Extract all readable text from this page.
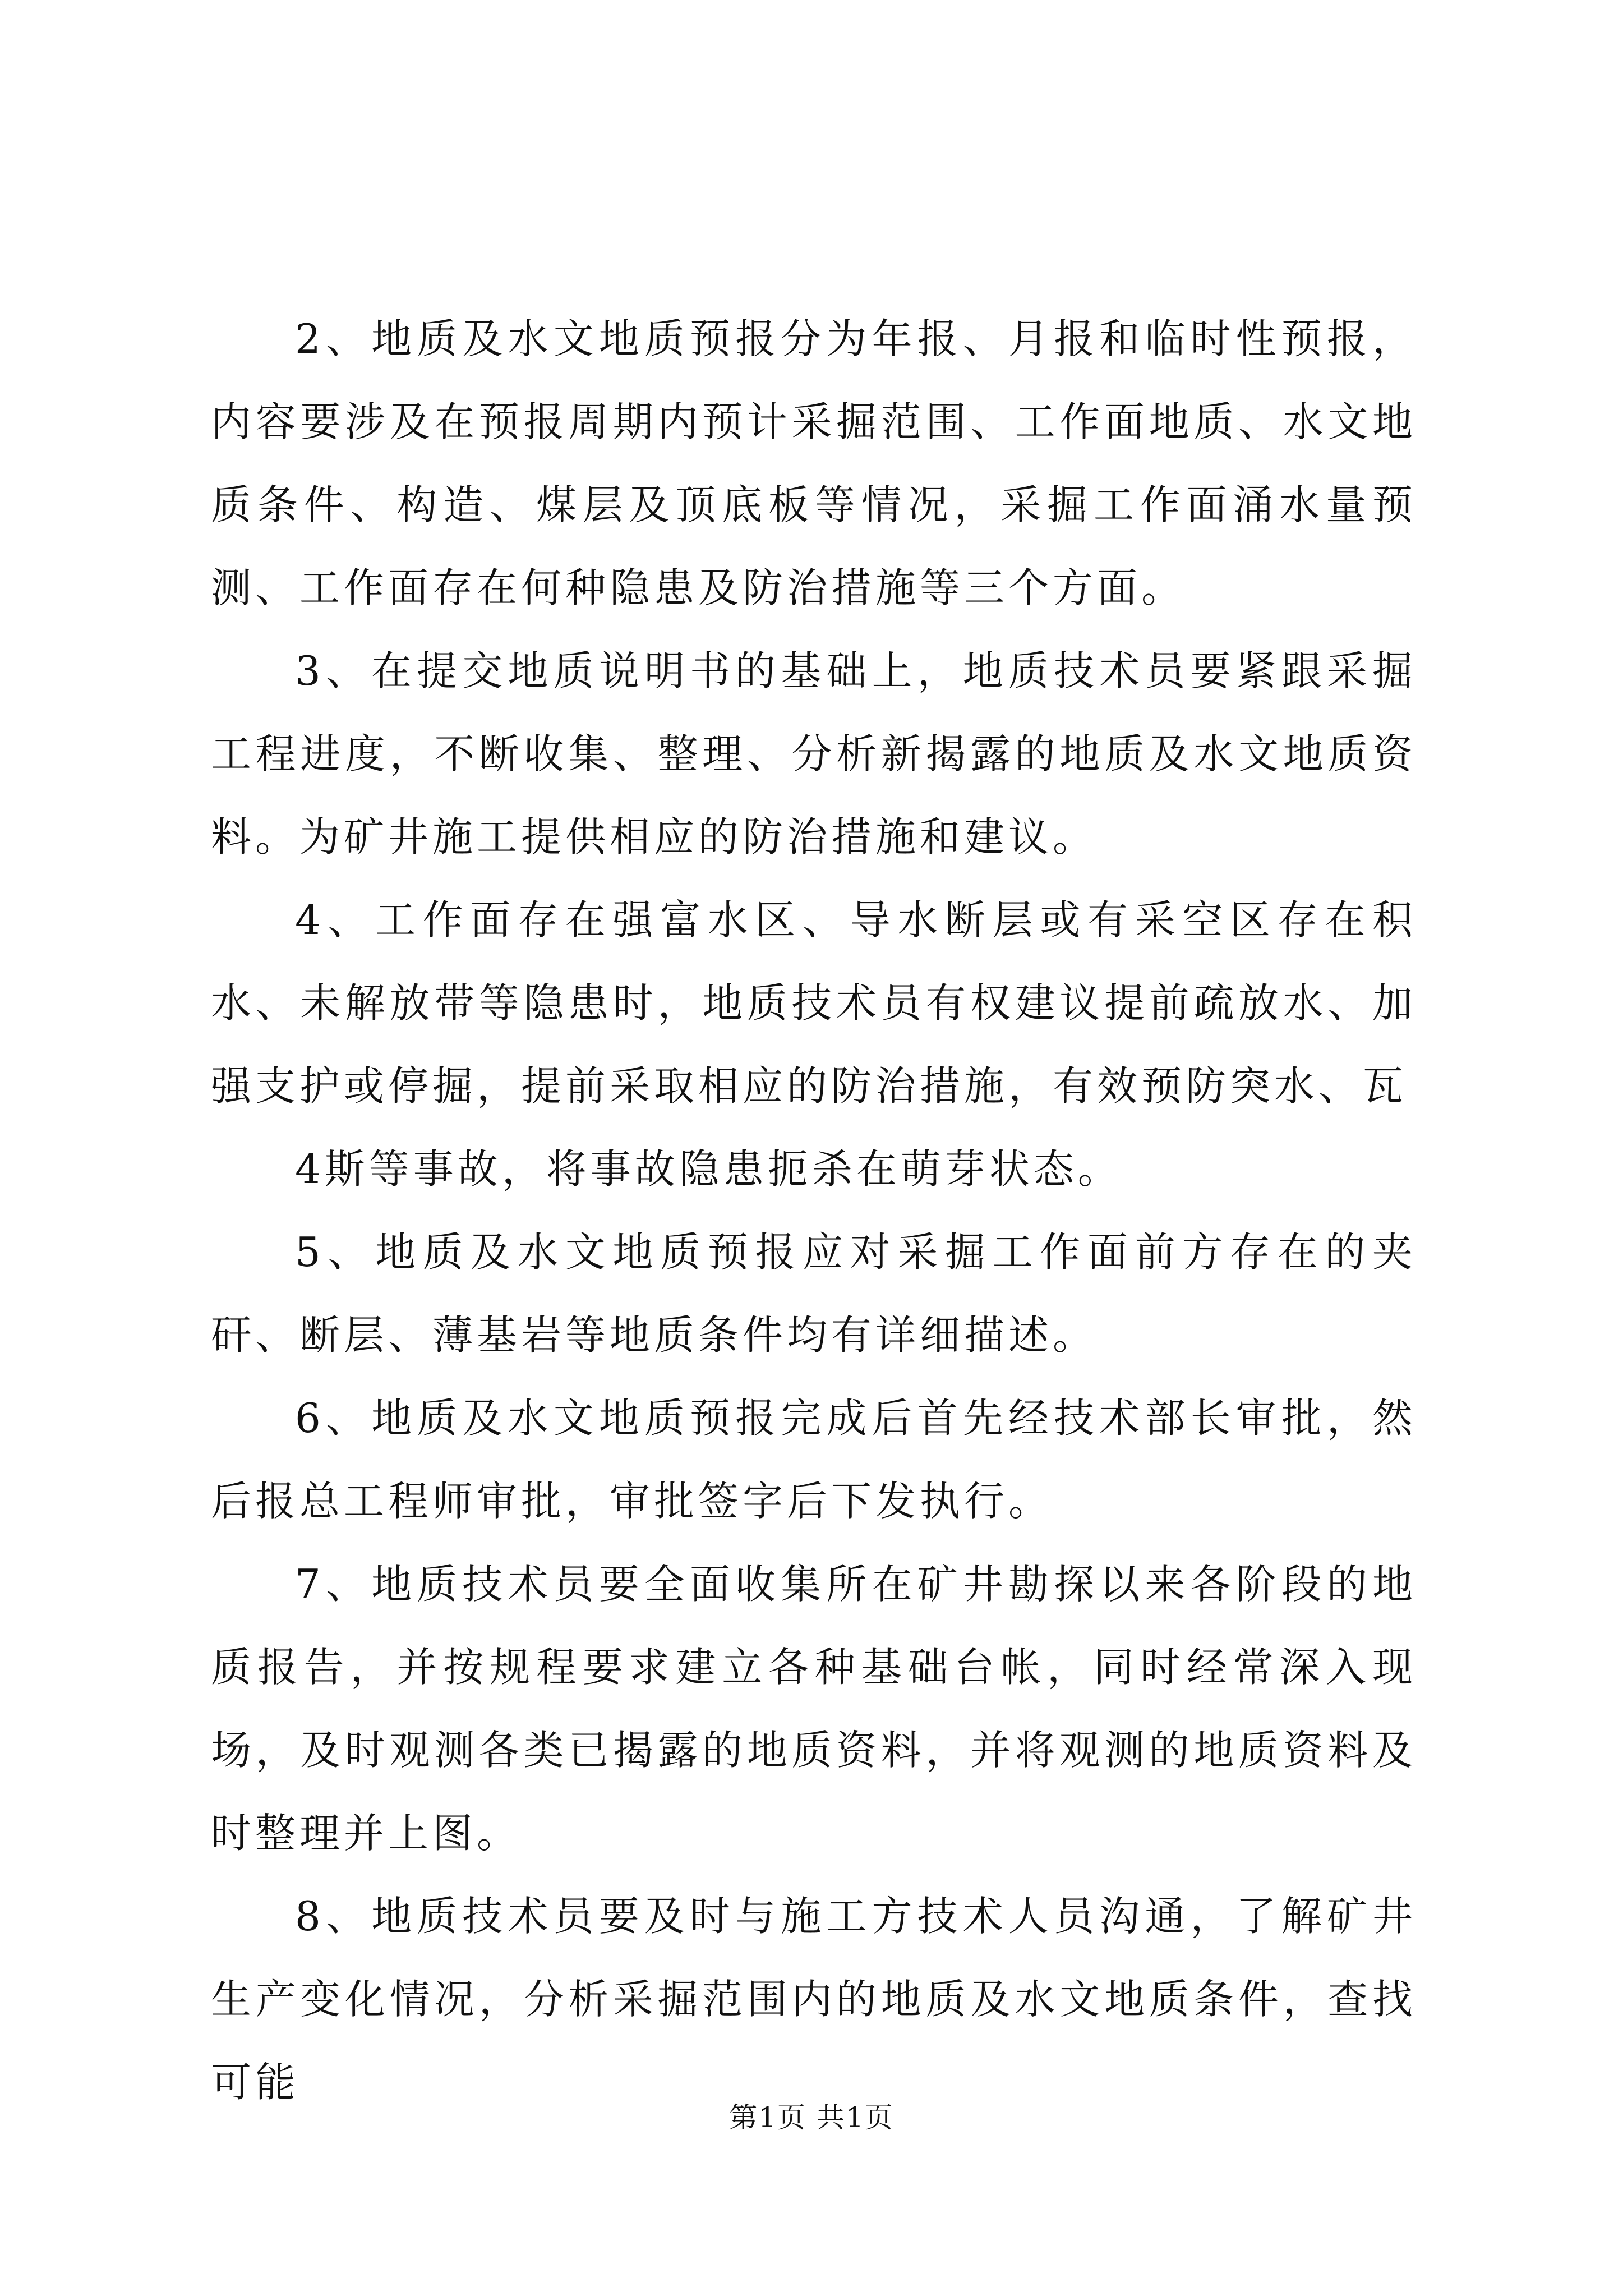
2、地质及水文地质预报分为年报、月报和临时性预报，内容要涉及在预报周期内预计采掘范围、工作面地质、水文地质条件、构造、煤层及顶底板等情况，采掘工作面涌水量预测、工作面存在何种隐患及防治措施等三个方面。

3、在提交地质说明书的基础上，地质技术员要紧跟采掘工程进度，不断收集、整理、分析新揭露的地质及水文地质资料。为矿井施工提供相应的防治措施和建议。

4、工作面存在强富水区、导水断层或有采空区存在积水、未解放带等隐患时，地质技术员有权建议提前疏放水、加强支护或停掘，提前采取相应的防治措施，有效预防突水、瓦

4斯等事故，将事故隐患扼杀在萌芽状态。

5、地质及水文地质预报应对采掘工作面前方存在的夹矸、断层、薄基岩等地质条件均有详细描述。

6、地质及水文地质预报完成后首先经技术部长审批，然后报总工程师审批，审批签字后下发执行。

7、地质技术员要全面收集所在矿井勘探以来各阶段的地质报告，并按规程要求建立各种基础台帐，同时经常深入现场，及时观测各类已揭露的地质资料，并将观测的地质资料及时整理并上图。

8、地质技术员要及时与施工方技术人员沟通，了解矿井生产变化情况，分析采掘范围内的地质及水文地质条件，查找可能

第1页 共1页
